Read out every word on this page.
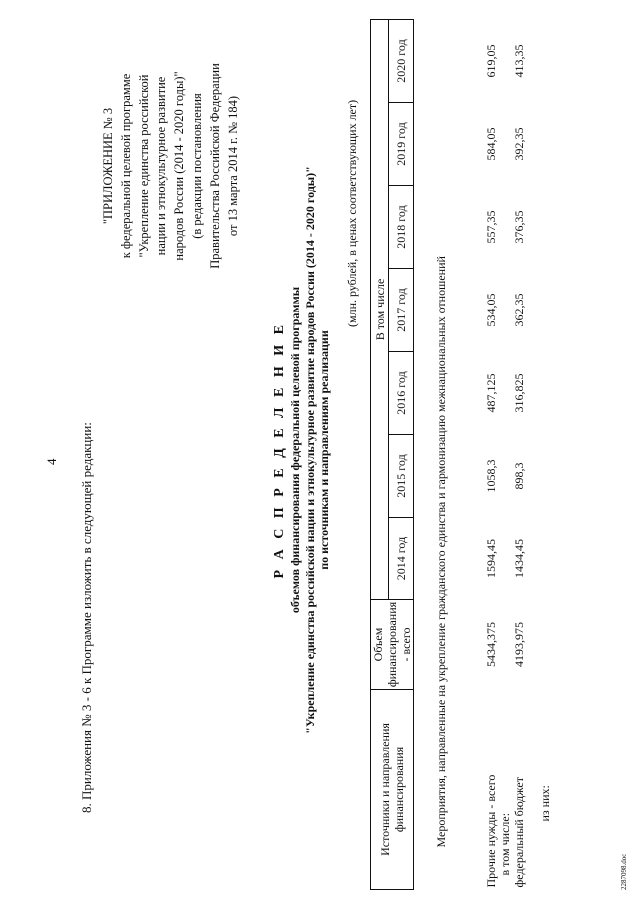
4 8. Приложения № 3 - 6 к Программе изложить в следующей редакции:
"ПРИЛОЖЕНИЕ № 3 к федеральной целевой программе "Укрепление единства российской нации и этнокультурное развитие народов России (2014 - 2020 годы)" (в редакции постановления Правительства Российской Федерации от 13 марта 2014 г. № 184)
Р А С П Р Е Д Е Л Е Н И Е объемов финансирования федеральной целевой программы "Укрепление единства российской нации и этнокультурное развитие народов России (2014 - 2020 годы)" по источникам и направлениям реализации
(млн. рублей, в ценах соответствующих лет)
Источники и направления финансирования	Объем финансирования - всего	В том числе						
		2014 год	2015 год	2016 год	2017 год	2018 год	2019 год	2020 год

Мероприятия, направленные на укрепление гражданского единства и гармонизацию межнациональных отношений								
Прочие нужды - всего	5434,375	1594,45	1058,3	487,125	534,05	557,35	584,05	619,05
в том числе:								
федеральный бюджет	4193,975	1434,45	898,3	316,825	362,35	376,35	392,35	413,35
из них:								
2287098.doc
